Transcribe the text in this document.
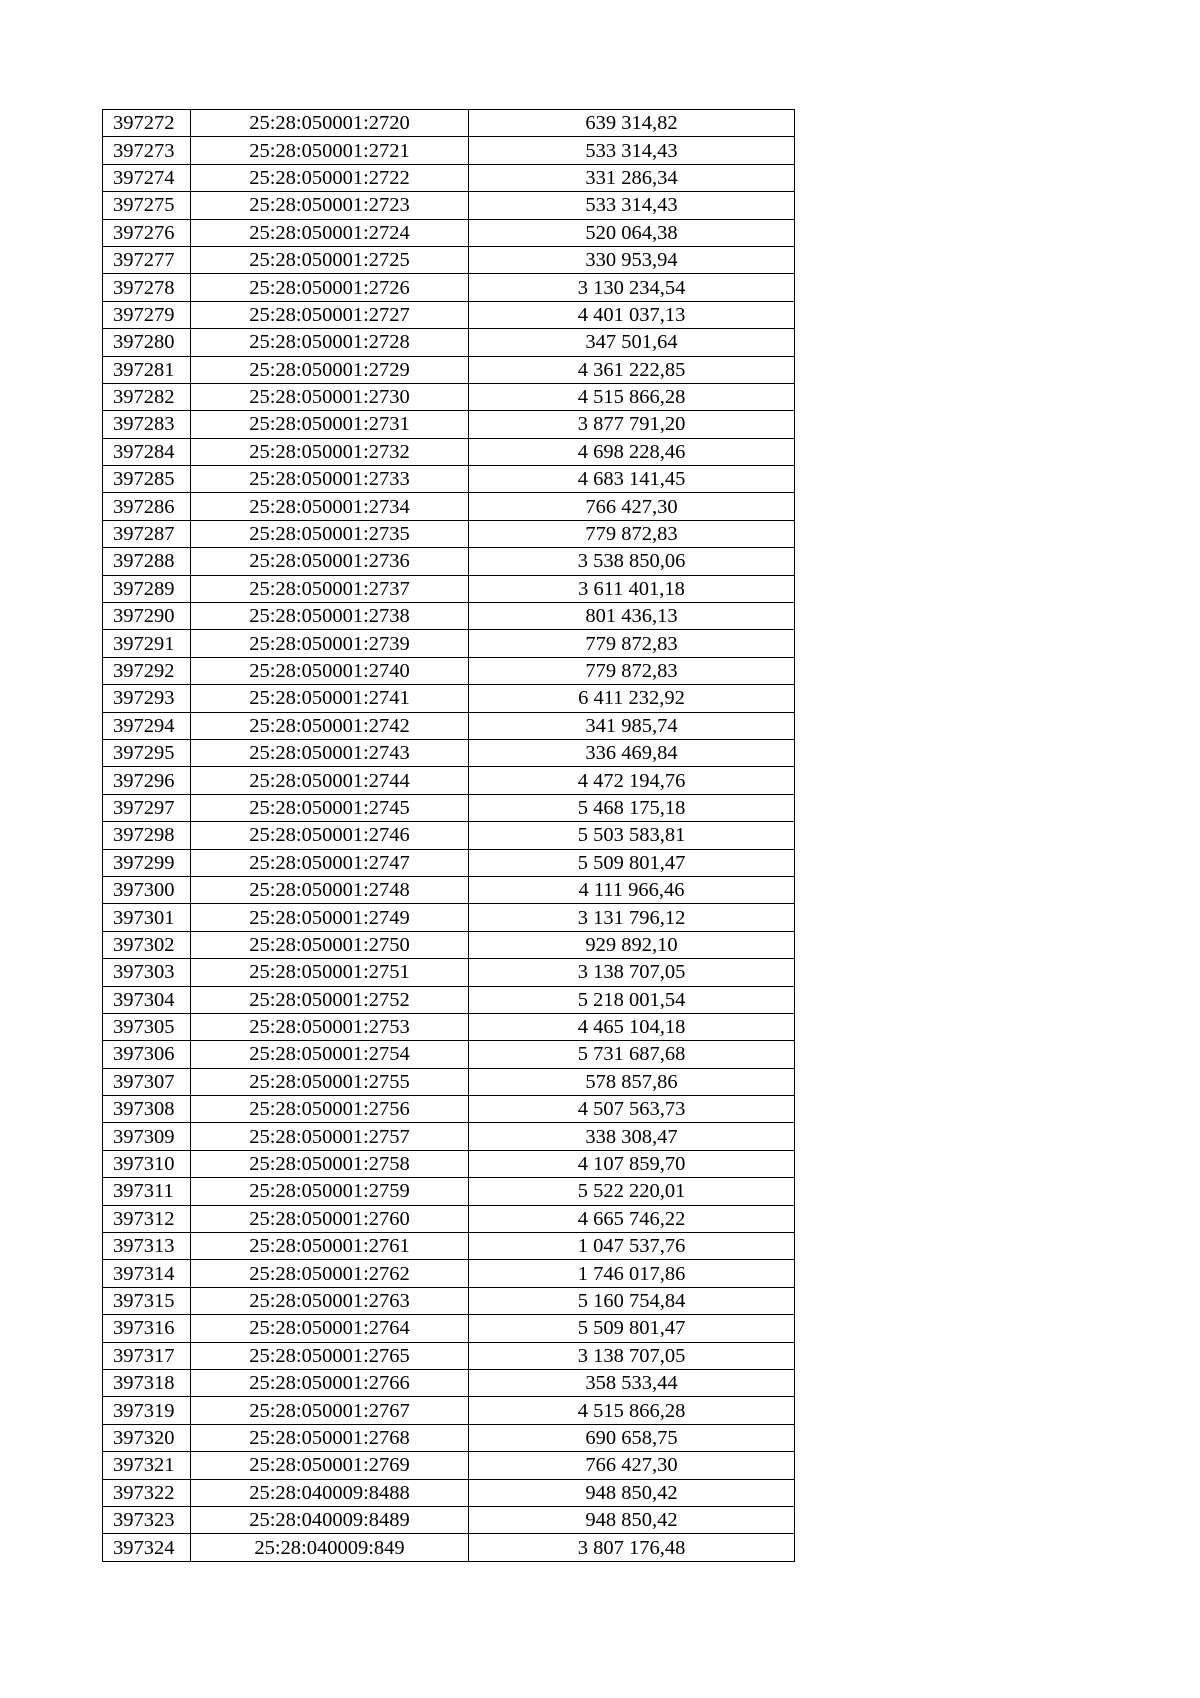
397272	25:28:050001:2720	639 314,82
397273	25:28:050001:2721	533 314,43
397274	25:28:050001:2722	331 286,34
397275	25:28:050001:2723	533 314,43
397276	25:28:050001:2724	520 064,38
397277	25:28:050001:2725	330 953,94
397278	25:28:050001:2726	3 130 234,54
397279	25:28:050001:2727	4 401 037,13
397280	25:28:050001:2728	347 501,64
397281	25:28:050001:2729	4 361 222,85
397282	25:28:050001:2730	4 515 866,28
397283	25:28:050001:2731	3 877 791,20
397284	25:28:050001:2732	4 698 228,46
397285	25:28:050001:2733	4 683 141,45
397286	25:28:050001:2734	766 427,30
397287	25:28:050001:2735	779 872,83
397288	25:28:050001:2736	3 538 850,06
397289	25:28:050001:2737	3 611 401,18
397290	25:28:050001:2738	801 436,13
397291	25:28:050001:2739	779 872,83
397292	25:28:050001:2740	779 872,83
397293	25:28:050001:2741	6 411 232,92
397294	25:28:050001:2742	341 985,74
397295	25:28:050001:2743	336 469,84
397296	25:28:050001:2744	4 472 194,76
397297	25:28:050001:2745	5 468 175,18
397298	25:28:050001:2746	5 503 583,81
397299	25:28:050001:2747	5 509 801,47
397300	25:28:050001:2748	4 111 966,46
397301	25:28:050001:2749	3 131 796,12
397302	25:28:050001:2750	929 892,10
397303	25:28:050001:2751	3 138 707,05
397304	25:28:050001:2752	5 218 001,54
397305	25:28:050001:2753	4 465 104,18
397306	25:28:050001:2754	5 731 687,68
397307	25:28:050001:2755	578 857,86
397308	25:28:050001:2756	4 507 563,73
397309	25:28:050001:2757	338 308,47
397310	25:28:050001:2758	4 107 859,70
397311	25:28:050001:2759	5 522 220,01
397312	25:28:050001:2760	4 665 746,22
397313	25:28:050001:2761	1 047 537,76
397314	25:28:050001:2762	1 746 017,86
397315	25:28:050001:2763	5 160 754,84
397316	25:28:050001:2764	5 509 801,47
397317	25:28:050001:2765	3 138 707,05
397318	25:28:050001:2766	358 533,44
397319	25:28:050001:2767	4 515 866,28
397320	25:28:050001:2768	690 658,75
397321	25:28:050001:2769	766 427,30
397322	25:28:040009:8488	948 850,42
397323	25:28:040009:8489	948 850,42
397324	25:28:040009:849	3 807 176,48
